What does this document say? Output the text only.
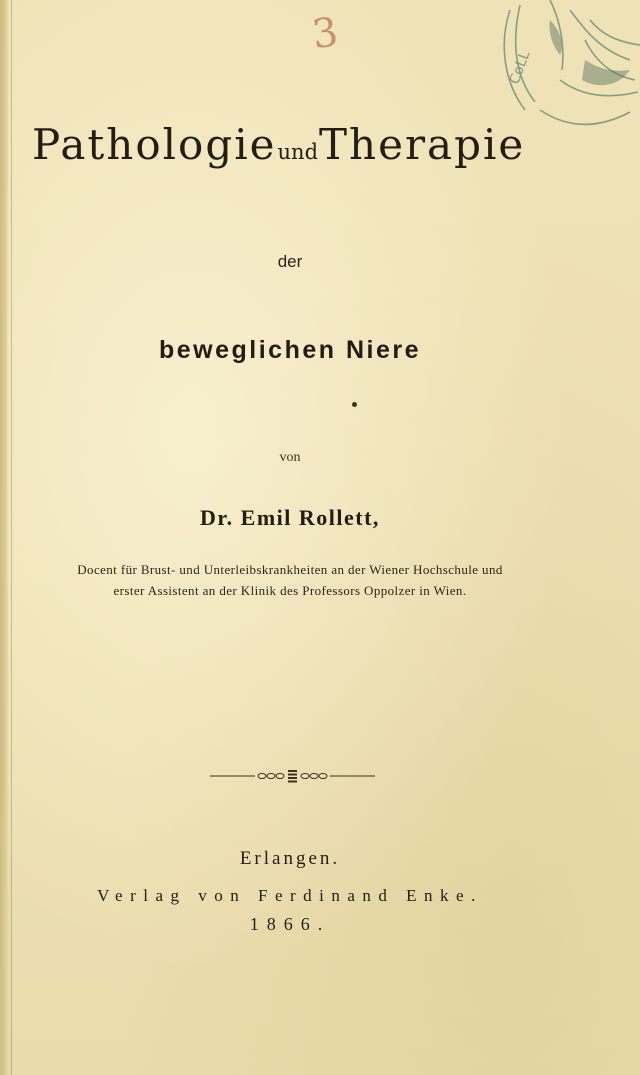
3
CoLL
PathologieundTherapie
der
beweglichen Niere
von
Dr. Emil Rollett,
Docent für Brust- und Unterleibskrankheiten an der Wiener Hochschule und
erster Assistent an der Klinik des Professors Oppolzer in Wien.
Erlangen.
Verlag von Ferdinand Enke.
1866.
